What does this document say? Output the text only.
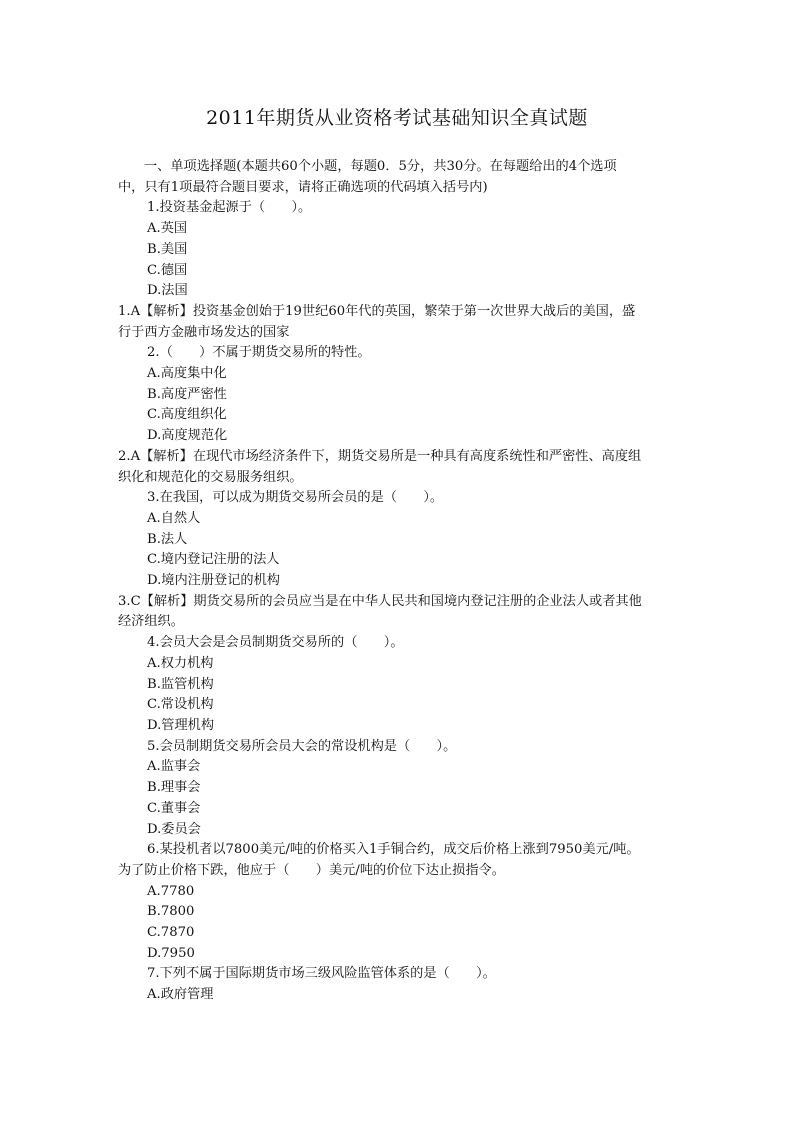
2011年期货从业资格考试基础知识全真试题

一、单项选择题(本题共60个小题，每题0．5分，共30分。在每题给出的4个选项

中，只有1项最符合题目要求，请将正确选项的代码填入括号内)

1.投资基金起源于（　　）。

A.英国

B.美国

C.德国

D.法国

1.A【解析】投资基金创始于19世纪60年代的英国，繁荣于第一次世界大战后的美国，盛

行于西方金融市场发达的国家

2.（　　）不属于期货交易所的特性。

A.高度集中化

B.高度严密性

C.高度组织化

D.高度规范化

2.A【解析】在现代市场经济条件下，期货交易所是一种具有高度系统性和严密性、高度组

织化和规范化的交易服务组织。

3.在我国，可以成为期货交易所会员的是（　　）。

A.自然人

B.法人

C.境内登记注册的法人

D.境内注册登记的机构

3.C【解析】期货交易所的会员应当是在中华人民共和国境内登记注册的企业法人或者其他

经济组织。

4.会员大会是会员制期货交易所的（　　）。

A.权力机构

B.监管机构

C.常设机构

D.管理机构

5.会员制期货交易所会员大会的常设机构是（　　）。

A.监事会

B.理事会

C.董事会

D.委员会

6.某投机者以7800美元/吨的价格买入1手铜合约，成交后价格上涨到7950美元/吨。

为了防止价格下跌，他应于（　　）美元/吨的价位下达止损指令。

A.7780

B.7800

C.7870

D.7950

7.下列不属于国际期货市场三级风险监管体系的是（　　）。

A.政府管理
